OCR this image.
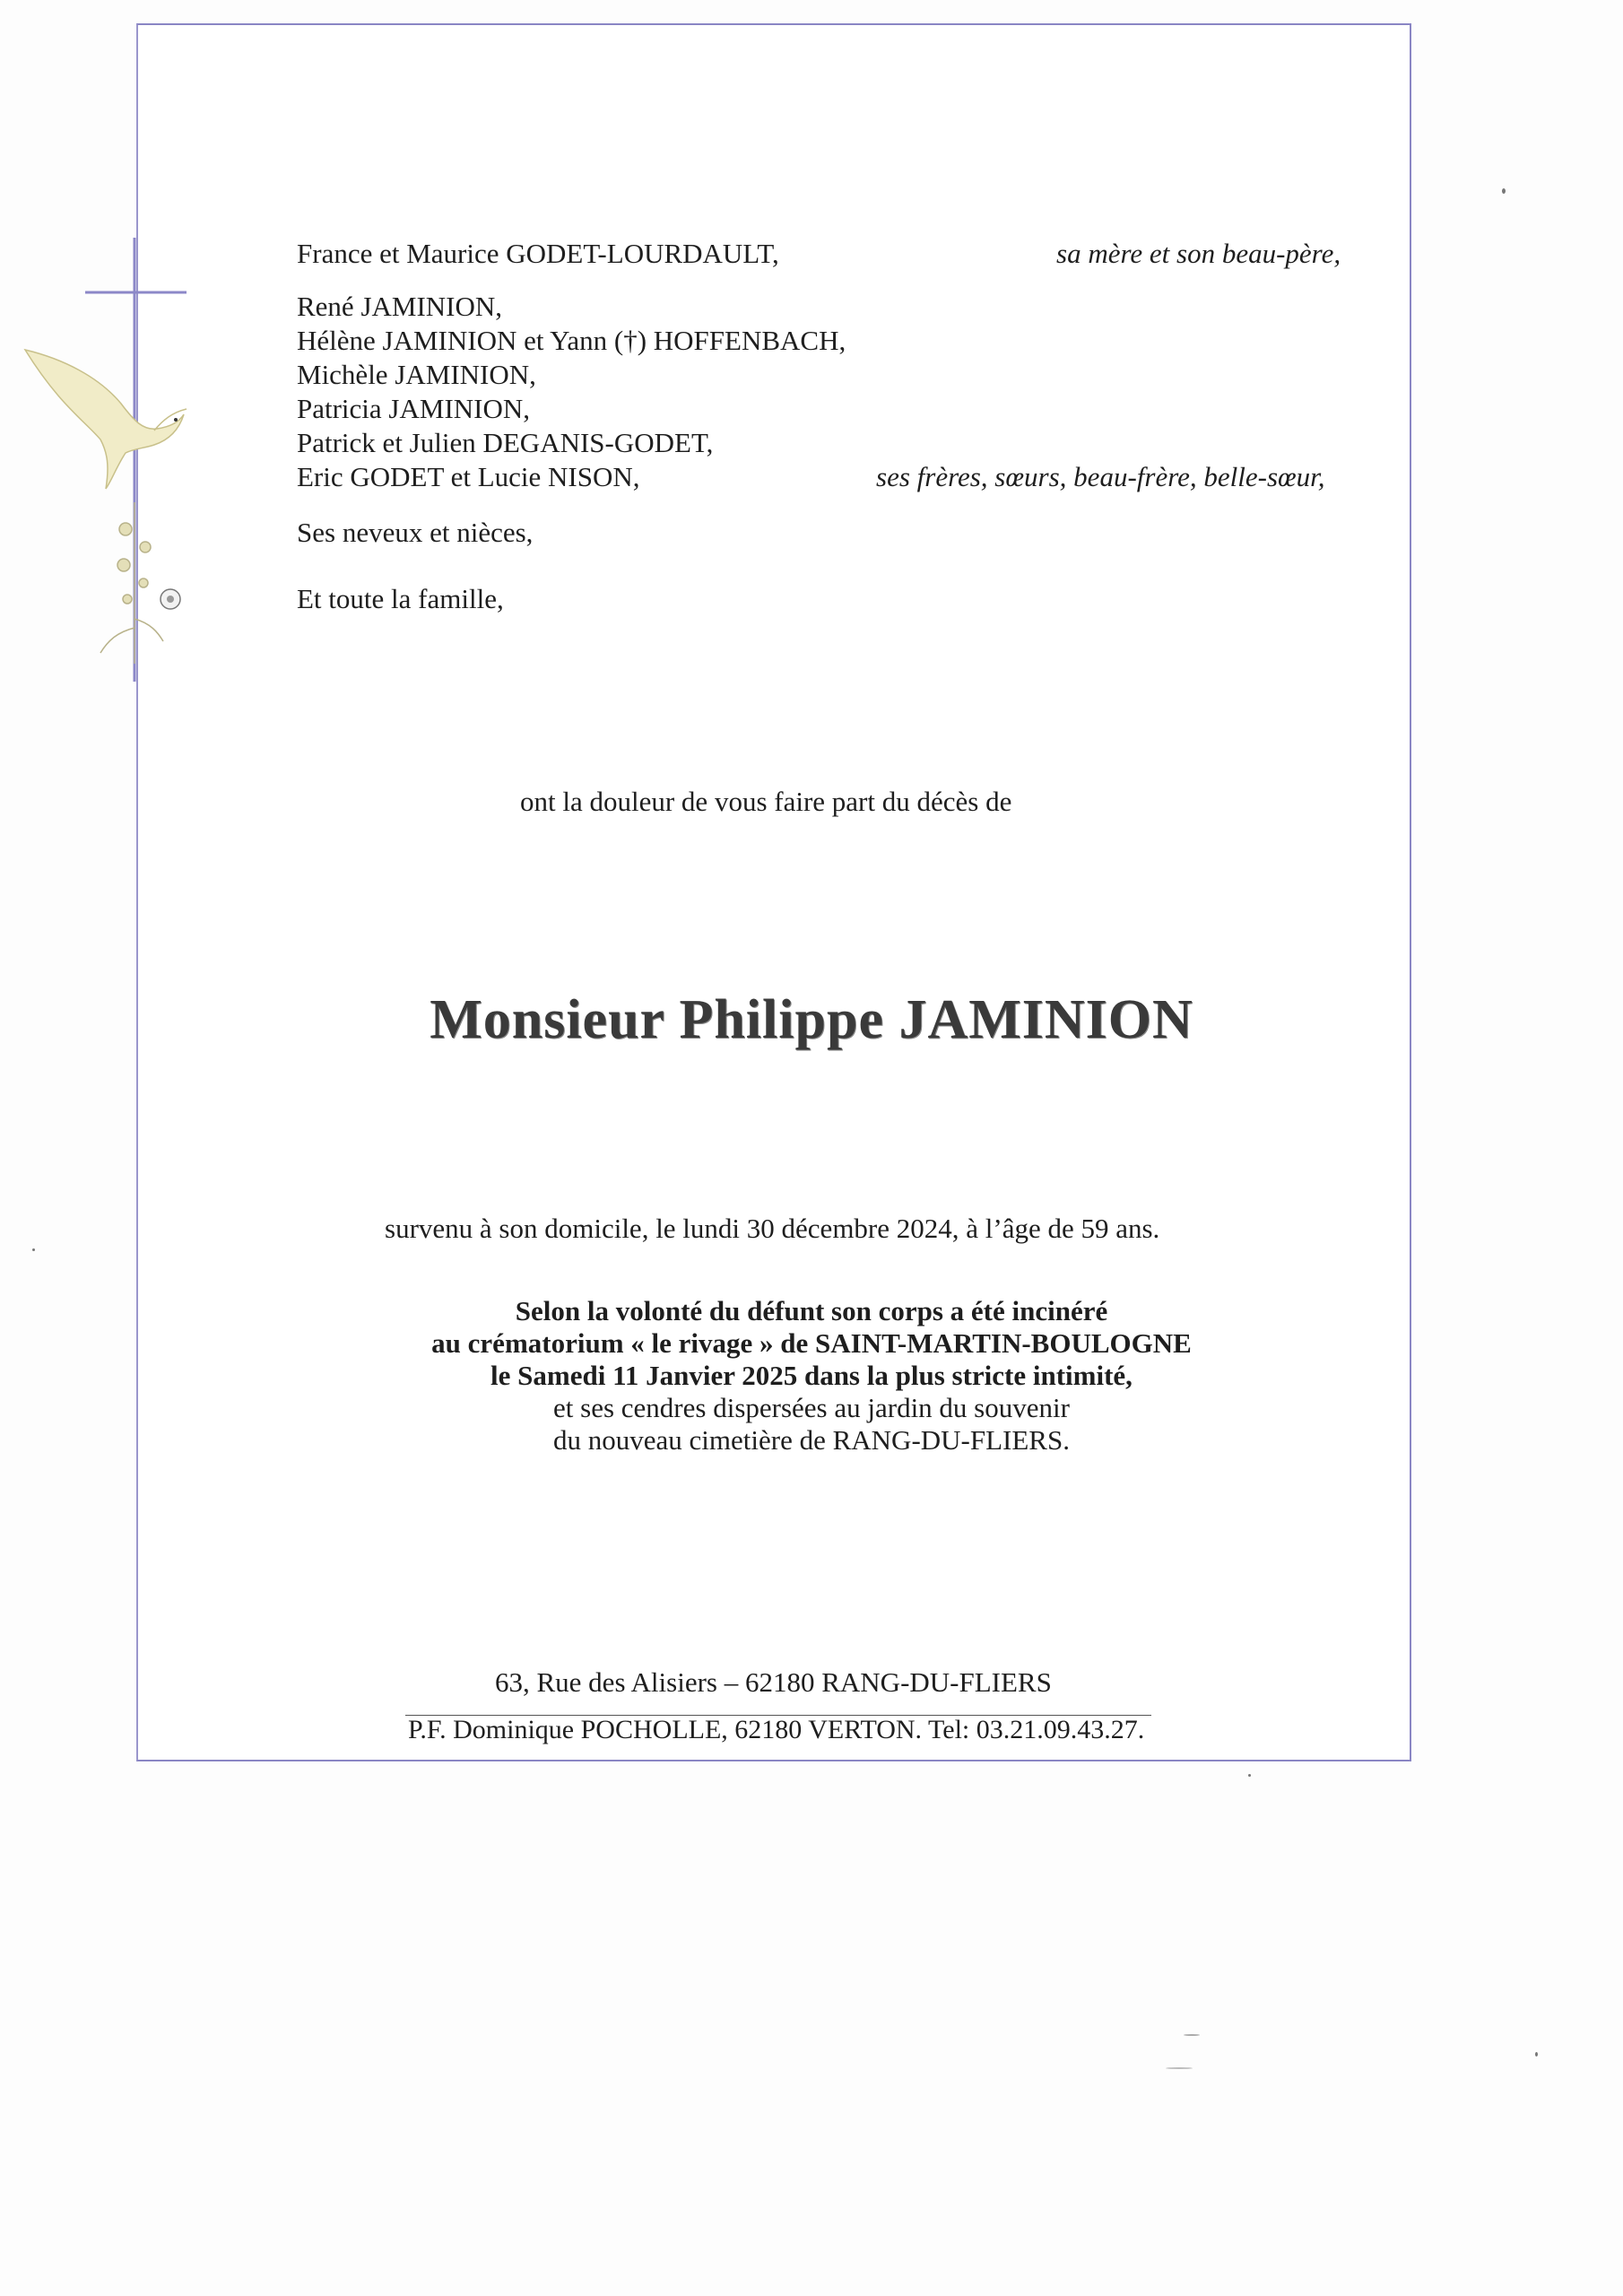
France et Maurice GODET-LOURDAULT,	sa mère et son beau-père,
René JAMINION,
Hélène JAMINION et Yann (†) HOFFENBACH,
Michèle JAMINION,
Patricia JAMINION,
Patrick et Julien DEGANIS-GODET,
Eric GODET et Lucie NISON,	ses frères, sœurs, beau-frère, belle-sœur,
Ses neveux et nièces,
Et toute la famille,
ont la douleur de vous faire part du décès de
Monsieur Philippe JAMINION
survenu à son domicile, le lundi 30 décembre 2024, à l’âge de 59 ans.
Selon la volonté du défunt son corps a été incinéré
au crématorium « le rivage » de SAINT-MARTIN-BOULOGNE
le Samedi 11 Janvier 2025 dans la plus stricte intimité,
et ses cendres dispersées au jardin du souvenir
du nouveau cimetière de RANG-DU-FLIERS.
63, Rue des Alisiers – 62180 RANG-DU-FLIERS
P.F. Dominique POCHOLLE, 62180 VERTON. Tel: 03.21.09.43.27.
